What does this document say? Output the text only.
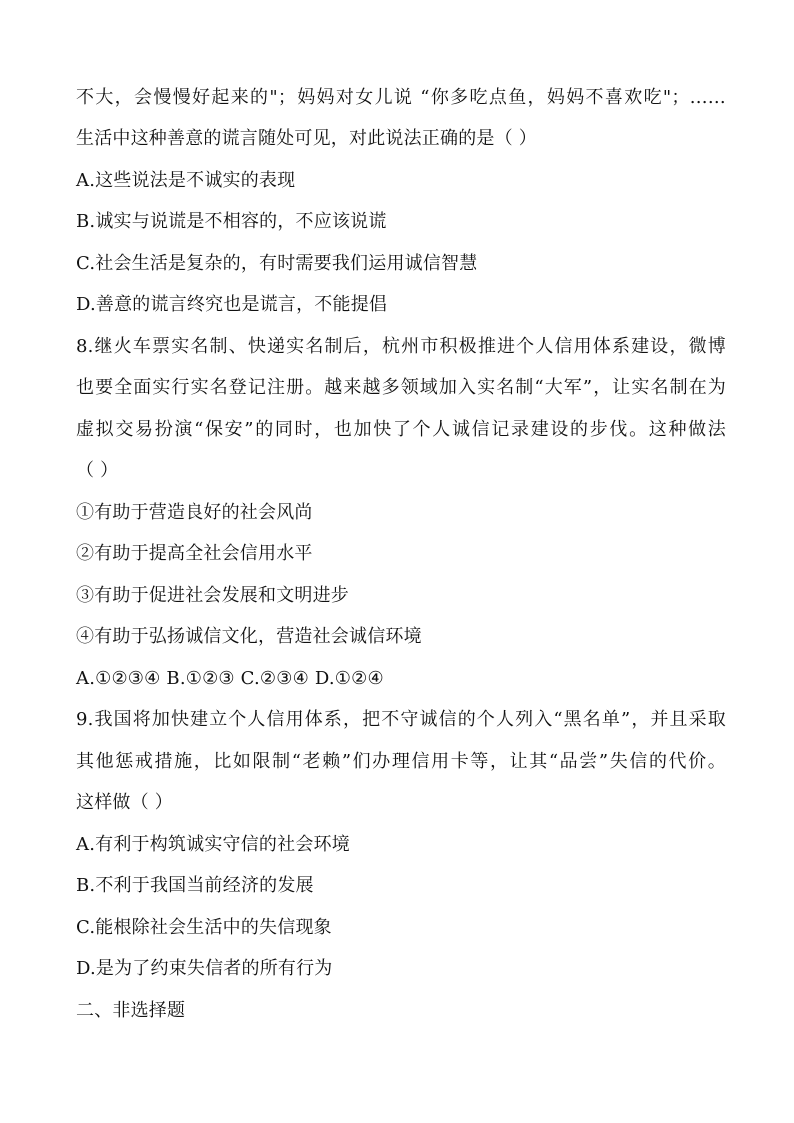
不大，会慢慢好起来的"；妈妈对女儿说 “你多吃点鱼，妈妈不喜欢吃"；……
生活中这种善意的谎言随处可见，对此说法正确的是（ ）
A.这些说法是不诚实的表现
B.诚实与说谎是不相容的，不应该说谎
C.社会生活是复杂的，有时需要我们运用诚信智慧
D.善意的谎言终究也是谎言，不能提倡
8.继火车票实名制、快递实名制后，杭州市积极推进个人信用体系建设，微博
也要全面实行实名登记注册。越来越多领域加入实名制“大军”，让实名制在为
虚拟交易扮演“保安”的同时，也加快了个人诚信记录建设的步伐。这种做法
（ ）
①有助于营造良好的社会风尚
②有助于提高全社会信用水平
③有助于促进社会发展和文明进步
④有助于弘扬诚信文化，营造社会诚信环境
A.①②③④ B.①②③ C.②③④ D.①②④
9.我国将加快建立个人信用体系，把不守诚信的个人列入“黑名单”，并且采取
其他惩戒措施，比如限制“老赖”们办理信用卡等，让其“品尝”失信的代价。
这样做（ ）
A.有利于构筑诚实守信的社会环境
B.不利于我国当前经济的发展
C.能根除社会生活中的失信现象
D.是为了约束失信者的所有行为
二、非选择题
